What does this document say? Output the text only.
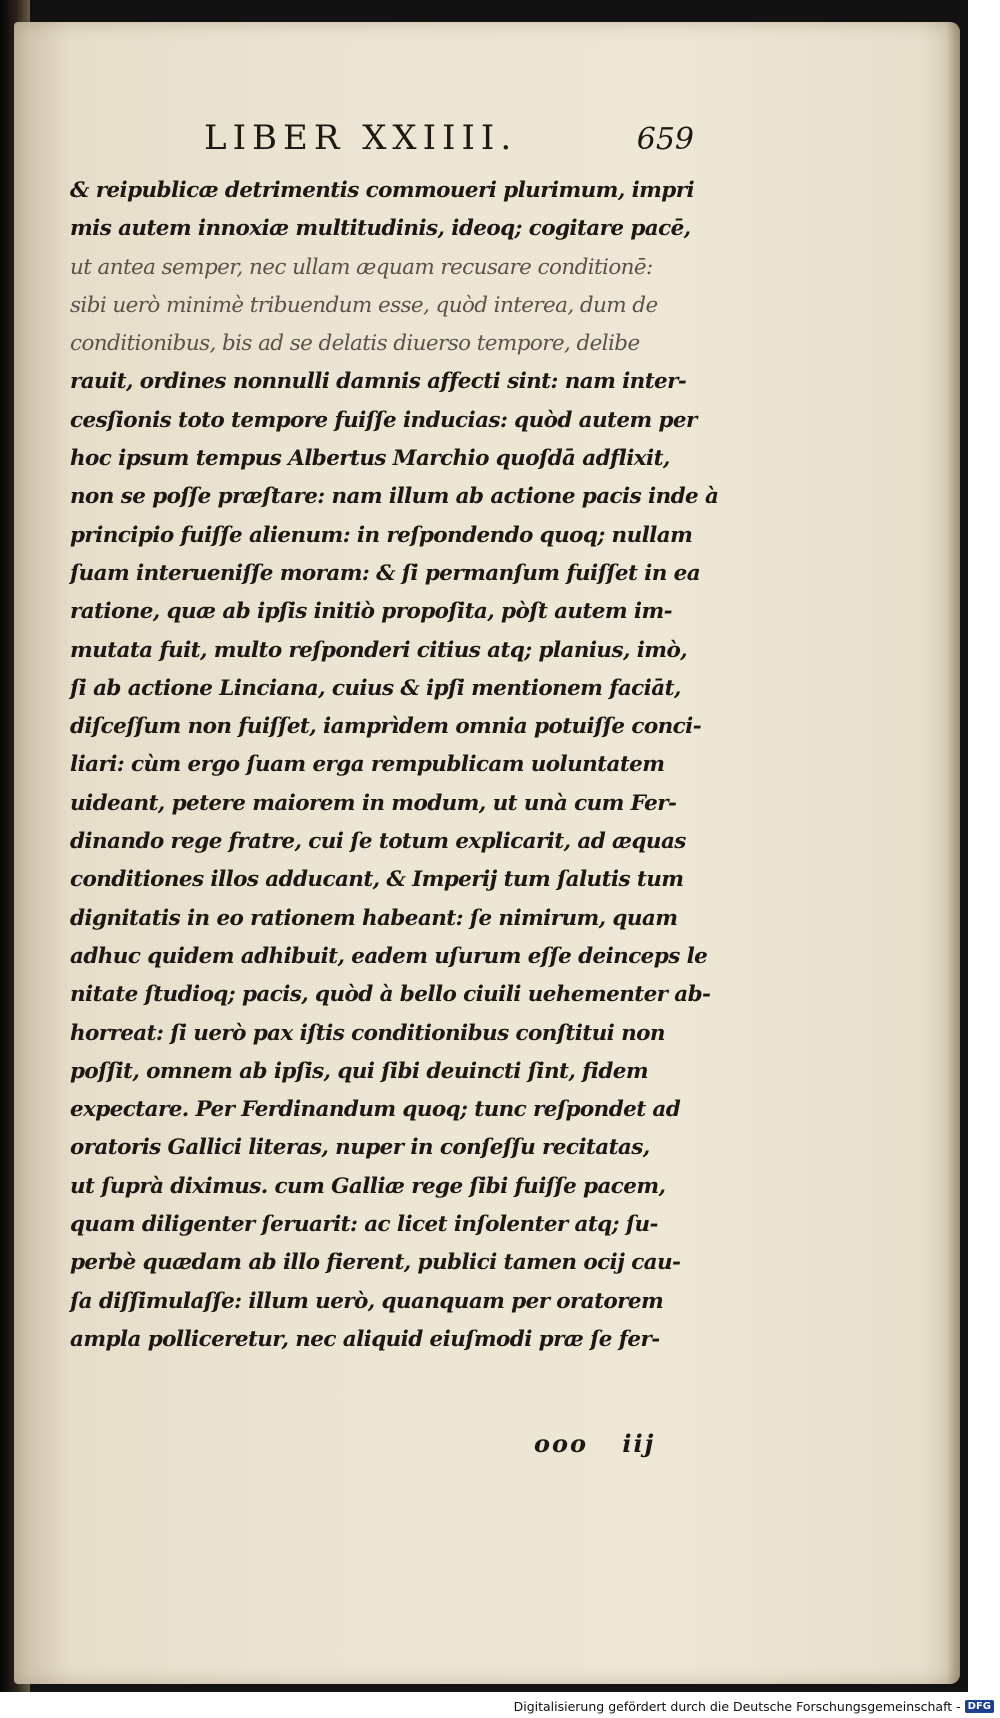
LIBER XXIIII.	659
& reipublicæ detrimentis commoueri plurimum, impri
mis autem innoxiæ multitudinis, ideoq; cogitare pacē,
ut antea semper, nec ullam æquam recusare conditionē:
sibi uerò minimè tribuendum esse, quòd interea, dum de
conditionibus, bis ad se delatis diuerso tempore, delibe
rauit, ordines nonnulli damnis affecti sint: nam inter-
cesſionis toto tempore fuiſſe inducias: quòd autem per
hoc ipsum tempus Albertus Marchio quoſdā adflixit,
non se poſſe præſtare: nam illum ab actione pacis inde à
principio fuiſſe alienum: in reſpondendo quoq; nullam
ſuam interueniſſe moram: & ſi permanſum fuiſſet in ea
ratione, quæ ab ipſis initiò propoſita, pòſt autem im-
mutata fuit, multo reſponderi citius atq; planius, imò,
ſi ab actione Linciana, cuius & ipſi mentionem faciāt,
diſceſſum non fuiſſet, iamprìdem omnia potuiſſe conci-
liari: cùm ergo ſuam erga rempublicam uoluntatem
uideant, petere maiorem in modum, ut unà cum Fer-
dinando rege fratre, cui ſe totum explicarit, ad æquas
conditiones illos adducant, & Imperij tum ſalutis tum
dignitatis in eo rationem habeant: ſe nimirum, quam
adhuc quidem adhibuit, eadem uſurum eſſe deinceps le
nitate ſtudioq; pacis, quòd à bello ciuili uehementer ab-
horreat: ſi uerò pax iſtis conditionibus conſtitui non
poſſit, omnem ab ipſis, qui ſibi deuincti ſint, fidem
expectare. Per Ferdinandum quoq; tunc reſpondet ad
oratoris Gallici literas, nuper in conſeſſu recitatas,
ut ſuprà diximus. cum Galliæ rege ſibi fuiſſe pacem,
quam diligenter ſeruarit: ac licet inſolenter atq; ſu-
perbè quædam ab illo fierent, publici tamen ocij cau-
ſa diſſimulaſſe: illum uerò, quanquam per oratorem
ampla polliceretur, nec aliquid eiuſmodi præ ſe fer-
ooo iij
Digitalisierung gefördert durch die Deutsche Forschungsgemeinschaft - DFG
